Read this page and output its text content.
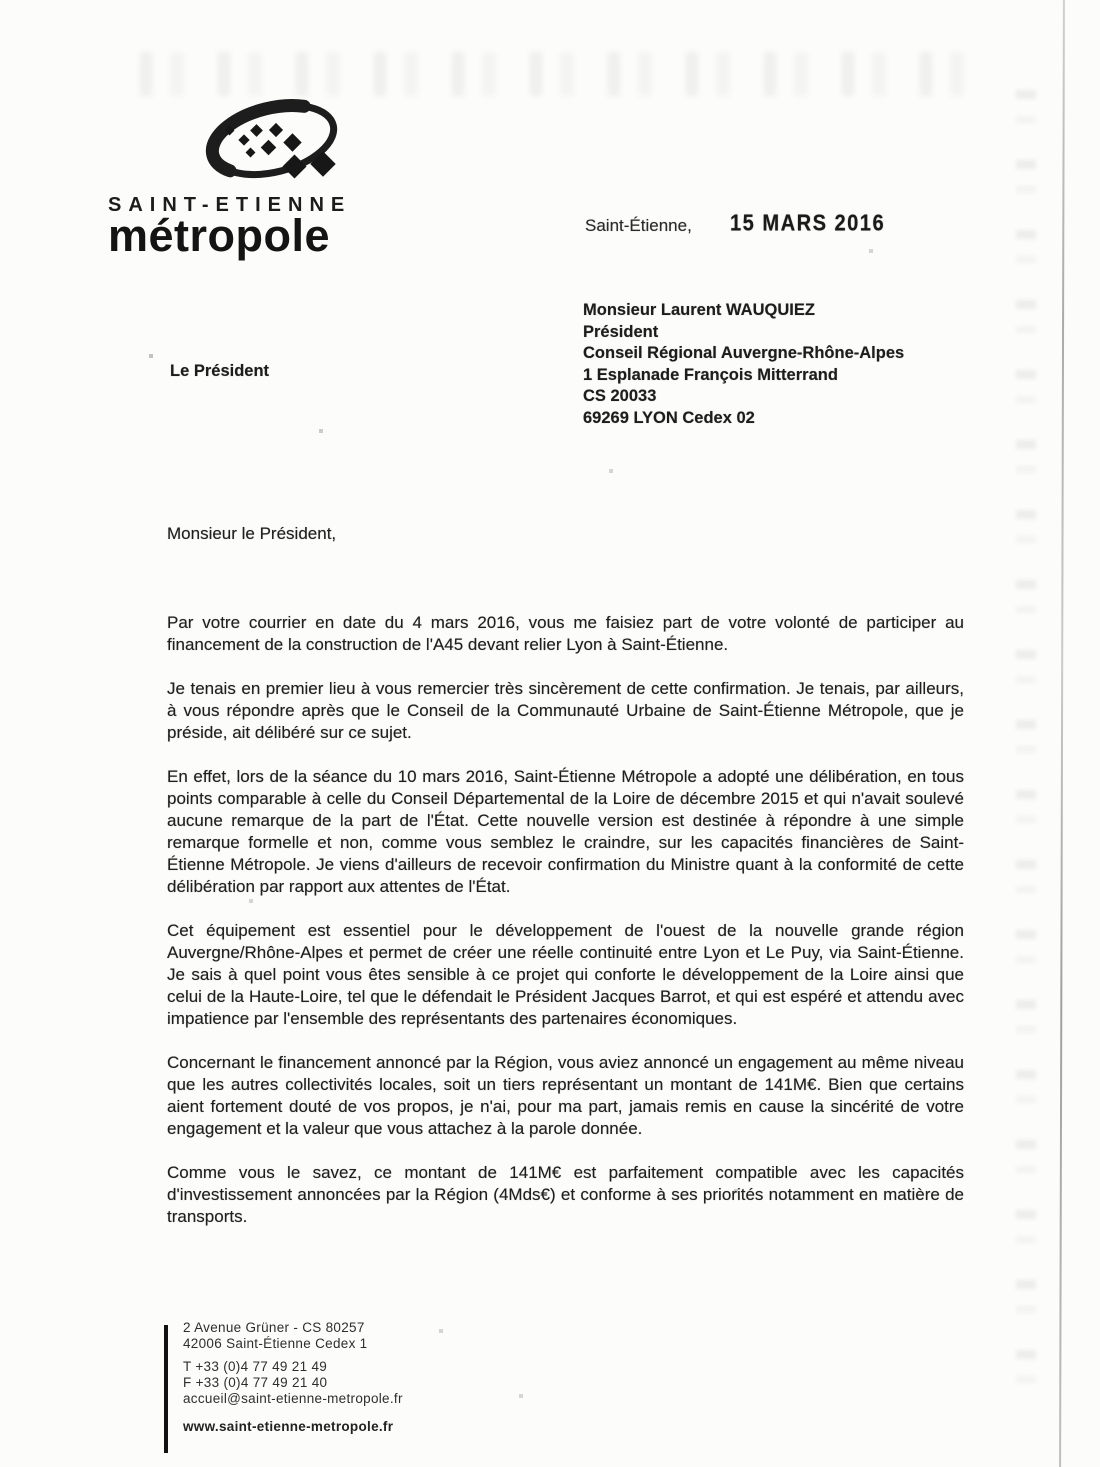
SAINT-ETIENNE
métropole	Saint-Étienne, 15 MARS 2016
Monsieur Laurent WAUQUIEZ
Président
Conseil Régional Auvergne-Rhône-Alpes
1 Esplanade François Mitterrand
CS 20033
69269 LYON Cedex 02
Le Président
Monsieur le Président,

Par votre courrier en date du 4 mars 2016, vous me faisiez part de votre volonté de participer au financement de la construction de l'A45 devant relier Lyon à Saint-Étienne.

Je tenais en premier lieu à vous remercier très sincèrement de cette confirmation. Je tenais, par ailleurs, à vous répondre après que le Conseil de la Communauté Urbaine de Saint-Étienne Métropole, que je préside, ait délibéré sur ce sujet.

En effet, lors de la séance du 10 mars 2016, Saint-Étienne Métropole a adopté une délibération, en tous points comparable à celle du Conseil Départemental de la Loire de décembre 2015 et qui n'avait soulevé aucune remarque de la part de l'État. Cette nouvelle version est destinée à répondre à une simple remarque formelle et non, comme vous semblez le craindre, sur les capacités financières de Saint-Étienne Métropole. Je viens d'ailleurs de recevoir confirmation du Ministre quant à la conformité de cette délibération par rapport aux attentes de l'État.

Cet équipement est essentiel pour le développement de l'ouest de la nouvelle grande région Auvergne/Rhône-Alpes et permet de créer une réelle continuité entre Lyon et Le Puy, via Saint-Étienne. Je sais à quel point vous êtes sensible à ce projet qui conforte le développement de la Loire ainsi que celui de la Haute-Loire, tel que le défendait le Président Jacques Barrot, et qui est espéré et attendu avec impatience par l'ensemble des représentants des partenaires économiques.

Concernant le financement annoncé par la Région, vous aviez annoncé un engagement au même niveau que les autres collectivités locales, soit un tiers représentant un montant de 141M€. Bien que certains aient fortement douté de vos propos, je n'ai, pour ma part, jamais remis en cause la sincérité de votre engagement et la valeur que vous attachez à la parole donnée.

Comme vous le savez, ce montant de 141M€ est parfaitement compatible avec les capacités d'investissement annoncées par la Région (4Mds€) et conforme à ses priorités notamment en matière de transports.

2 Avenue Grüner - CS 80257
42006 Saint-Étienne Cedex 1
T +33 (0)4 77 49 21 49
F +33 (0)4 77 49 21 40
accueil@saint-etienne-metropole.fr
www.saint-etienne-metropole.fr
